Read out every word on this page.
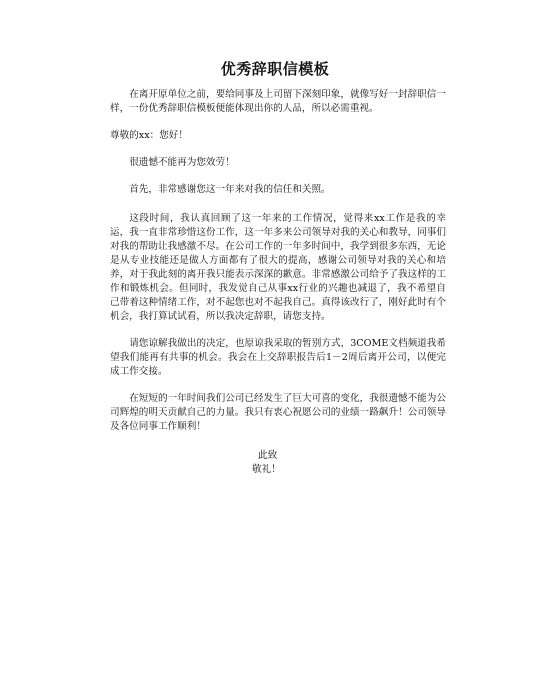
优秀辞职信模板

在离开原单位之前，要给同事及上司留下深刻印象，就像写好一封辞职信一样，一份优秀辞职信模板便能体现出你的人品，所以必需重视。

尊敬的xx：您好！

很遗憾不能再为您效劳！

首先，非常感谢您这一年来对我的信任和关照。

这段时间，我认真回顾了这一年来的工作情况，觉得来xx工作是我的幸运，我一直非常珍惜这份工作，这一年多来公司领导对我的关心和教导，同事们对我的帮助让我感激不尽。在公司工作的一年多时间中，我学到很多东西，无论是从专业技能还是做人方面都有了很大的提高，感谢公司领导对我的关心和培养，对于我此刻的离开我只能表示深深的歉意。非常感激公司给予了我这样的工作和锻炼机会。但同时，我发觉自己从事xx行业的兴趣也减退了，我不希望自己带着这种情绪工作，对不起您也对不起我自己。真得该改行了，刚好此时有个机会，我打算试试看，所以我决定辞职，请您支持。

请您谅解我做出的决定，也原谅我采取的暂别方式，3COME文档频道我希望我们能再有共事的机会。我会在上交辞职报告后1－2周后离开公司，以便完成工作交接。

在短短的一年时间我们公司已经发生了巨大可喜的变化，我很遗憾不能为公司辉煌的明天贡献自己的力量。我只有衷心祝愿公司的业绩一路飙升！公司领导及各位同事工作顺利！

此致

敬礼！
